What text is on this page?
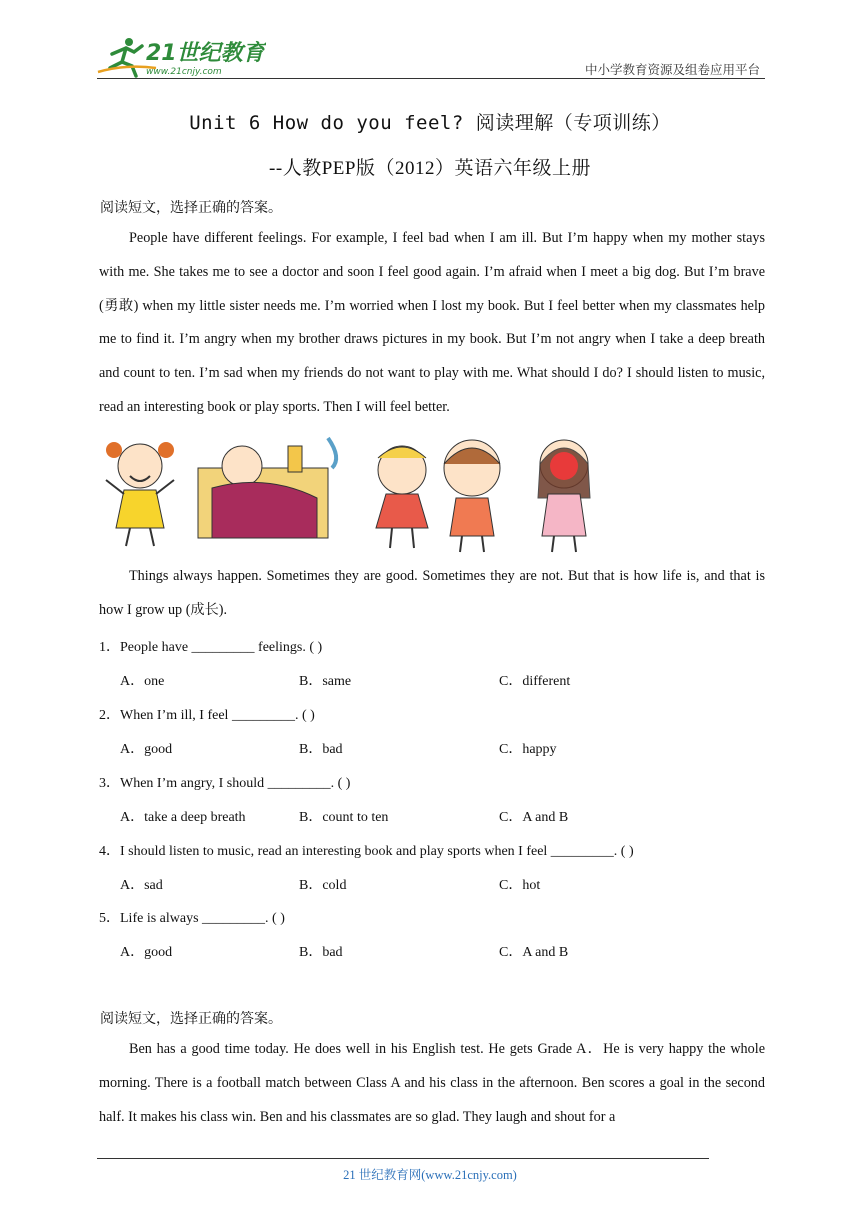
21世纪教育
www.21cnjy.com	中小学教育资源及组卷应用平台
Unit 6 How do you feel? 阅读理解（专项训练）
--人教PEP版（2012）英语六年级上册
阅读短文，选择正确的答案。
People have different feelings. For example, I feel bad when I am ill. But I’m happy when my mother stays with me. She takes me to see a doctor and soon I feel good again. I’m afraid when I meet a big dog. But I’m brave (勇敢) when my little sister needs me. I’m worried when I lost my book. But I feel better when my classmates help me to find it. I’m angry when my brother draws pictures in my book. But I’m not angry when I take a deep breath and count to ten. I’m sad when my friends do not want to play with me. What should I do? I should listen to music, read an interesting book or play sports. Then I will feel better.
Things always happen. Sometimes they are good. Sometimes they are not. But that is how life is, and that is how I grow up (成长).
1．People have _________ feelings. ( )
A．one	B．same	C．different
2．When I’m ill, I feel _________. ( )
A．good	B．bad	C．happy
3．When I’m angry, I should _________. ( )
A．take a deep breath	B．count to ten	C．A and B
4．I should listen to music, read an interesting book and play sports when I feel _________. ( )
A．sad	B．cold	C．hot
5．Life is always _________. ( )
A．good	B．bad	C．A and B
阅读短文，选择正确的答案。
Ben has a good time today. He does well in his English test. He gets Grade A．He is very happy the whole morning. There is a football match between Class A and his class in the afternoon. Ben scores a goal in the second half. It makes his class win. Ben and his classmates are so glad. They laugh and shout for a
21 世纪教育网(www.21cnjy.com)
